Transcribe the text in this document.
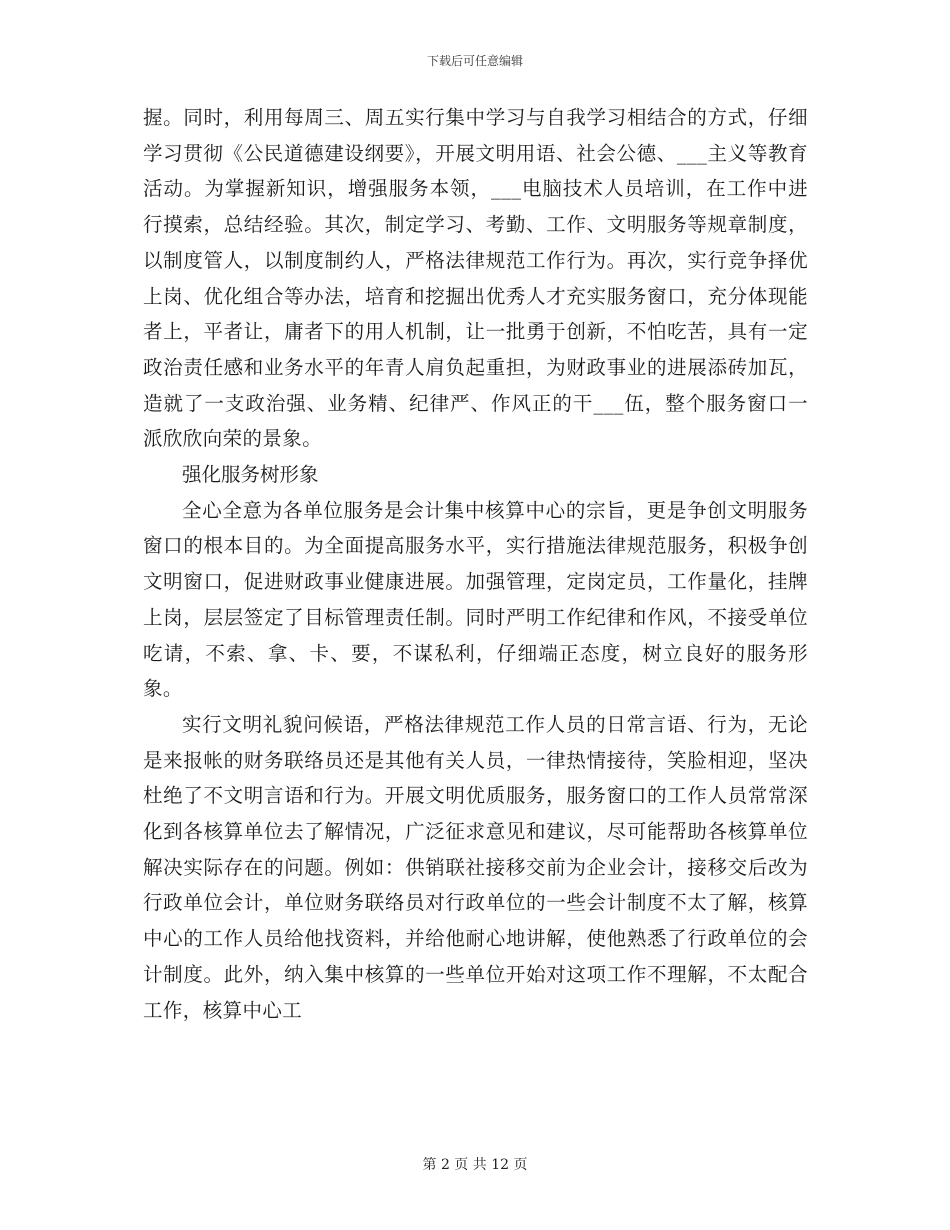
下载后可任意编辑

握。同时，利用每周三、周五实行集中学习与自我学习相结合的方式，仔细学习贯彻《公民道德建设纲要》，开展文明用语、社会公德、___主义等教育活动。为掌握新知识，增强服务本领，___电脑技术人员培训，在工作中进行摸索，总结经验。其次，制定学习、考勤、工作、文明服务等规章制度，以制度管人，以制度制约人，严格法律规范工作行为。再次，实行竞争择优上岗、优化组合等办法，培育和挖掘出优秀人才充实服务窗口，充分体现能者上，平者让，庸者下的用人机制，让一批勇于创新，不怕吃苦，具有一定政治责任感和业务水平的年青人肩负起重担，为财政事业的进展添砖加瓦，造就了一支政治强、业务精、纪律严、作风正的干___伍，整个服务窗口一派欣欣向荣的景象。

强化服务树形象

全心全意为各单位服务是会计集中核算中心的宗旨，更是争创文明服务窗口的根本目的。为全面提高服务水平，实行措施法律规范服务，积极争创文明窗口，促进财政事业健康进展。加强管理，定岗定员，工作量化，挂牌上岗，层层签定了目标管理责任制。同时严明工作纪律和作风，不接受单位吃请，不索、拿、卡、要，不谋私利，仔细端正态度，树立良好的服务形象。

实行文明礼貌问候语，严格法律规范工作人员的日常言语、行为，无论是来报帐的财务联络员还是其他有关人员，一律热情接待，笑脸相迎，坚决杜绝了不文明言语和行为。开展文明优质服务，服务窗口的工作人员常常深化到各核算单位去了解情况，广泛征求意见和建议，尽可能帮助各核算单位解决实际存在的问题。例如：供销联社接移交前为企业会计，接移交后改为行政单位会计，单位财务联络员对行政单位的一些会计制度不太了解，核算中心的工作人员给他找资料，并给他耐心地讲解，使他熟悉了行政单位的会计制度。此外，纳入集中核算的一些单位开始对这项工作不理解，不太配合工作，核算中心工

第 2 页 共 12 页
